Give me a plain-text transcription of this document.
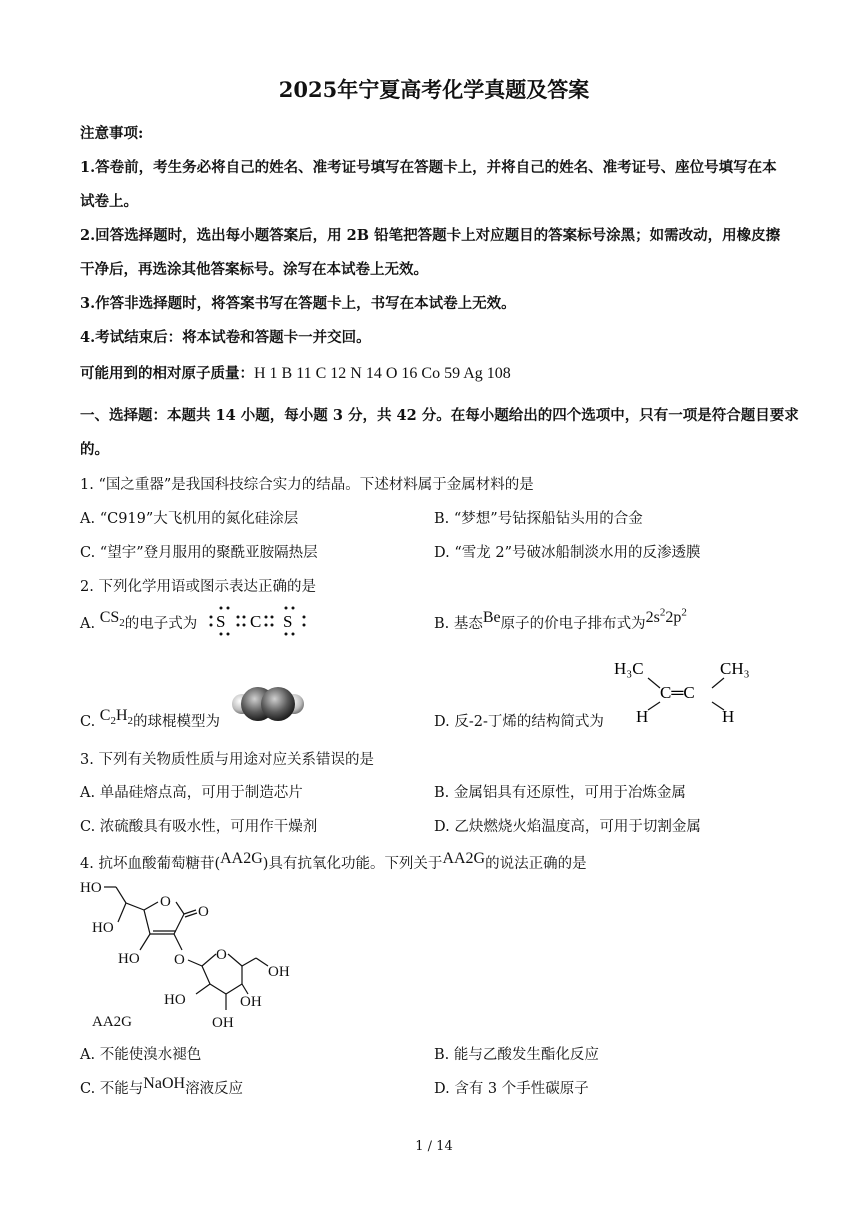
2025年宁夏高考化学真题及答案
注意事项:
1.答卷前，考生务必将自己的姓名、准考证号填写在答题卡上，并将自己的姓名、准考证号、座位号填写在本
试卷上。
2.回答选择题时，选出每小题答案后，用 2B 铅笔把答题卡上对应题目的答案标号涂黑；如需改动，用橡皮擦
干净后，再选涂其他答案标号。涂写在本试卷上无效。
3.作答非选择题时，将答案书写在答题卡上，书写在本试卷上无效。
4.考试结束后：将本试卷和答题卡一并交回。
可能用到的相对原子质量：H 1 B 11 C 12 N 14 O 16 Co 59 Ag 108
一、选择题：本题共 14 小题，每小题 3 分，共 42 分。在每小题给出的四个选项中，只有一项是符合题目要求
的。
1. “国之重器”是我国科技综合实力的结晶。下述材料属于金属材料的是
A. “C919”大飞机用的氮化硅涂层	B. “梦想”号钻探船钻头用的合金
C. “望宇”登月服用的聚酰亚胺隔热层	D. “雪龙 2”号破冰船制淡水用的反渗透膜
2. 下列化学用语或图示表达正确的是
A. $CS_2$的电子式为 S C S	B. 基态Be原子的价电子排布式为$2s^22p^2$
C. $C_2H_2$的球棍模型为	D. 反-2-丁烯的结构简式为
H₃C	CH₃
C═C
H	H
3. 下列有关物质性质与用途对应关系错误的是
A. 单晶硅熔点高，可用于制造芯片	B. 金属铝具有还原性，可用于冶炼金属
C. 浓硫酸具有吸水性，可用作干燥剂	D. 乙炔燃烧火焰温度高，可用于切割金属
4. 抗坏血酸葡萄糖苷(AA2G)具有抗氧化功能。下列关于AA2G的说法正确的是
HO
HO
O
O
HO O O
OH
HO	OH
OH
AA2G
A. 不能使溴水褪色	B. 能与乙酸发生酯化反应
C. 不能与NaOH溶液反应	D. 含有 3 个手性碳原子
1 / 14
